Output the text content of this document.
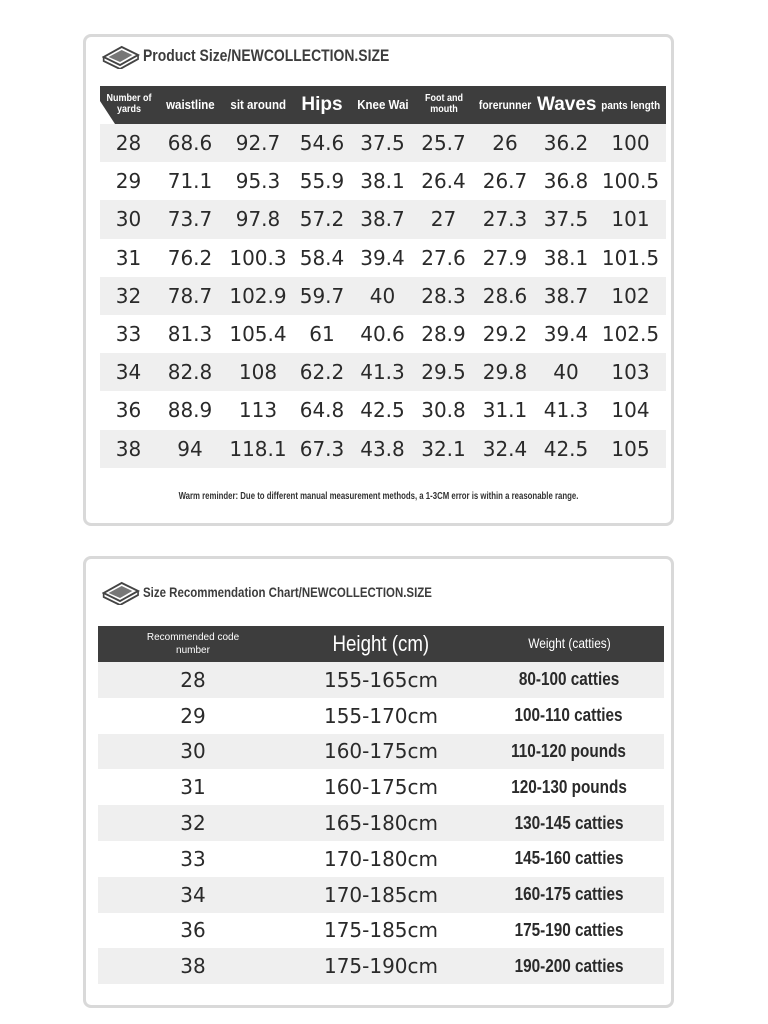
Product Size/NEWCOLLECTION.SIZE
Number of yards	waistline	sit around	Hips	Knee Wai	Foot and mouth	forerunner	Waves	pants length
28	68.6	92.7	54.6	37.5	25.7	26	36.2	100
29	71.1	95.3	55.9	38.1	26.4	26.7	36.8	100.5
30	73.7	97.8	57.2	38.7	27	27.3	37.5	101
31	76.2	100.3	58.4	39.4	27.6	27.9	38.1	101.5
32	78.7	102.9	59.7	40	28.3	28.6	38.7	102
33	81.3	105.4	61	40.6	28.9	29.2	39.4	102.5
34	82.8	108	62.2	41.3	29.5	29.8	40	103
36	88.9	113	64.8	42.5	30.8	31.1	41.3	104
38	94	118.1	67.3	43.8	32.1	32.4	42.5	105
Warm reminder: Due to different manual measurement methods, a 1-3CM error is within a reasonable range.
Size Recommendation Chart/NEWCOLLECTION.SIZE
Recommended code number	Height (cm)	Weight (catties)
28	155-165cm	80-100 catties
29	155-170cm	100-110 catties
30	160-175cm	110-120 pounds
31	160-175cm	120-130 pounds
32	165-180cm	130-145 catties
33	170-180cm	145-160 catties
34	170-185cm	160-175 catties
36	175-185cm	175-190 catties
38	175-190cm	190-200 catties
